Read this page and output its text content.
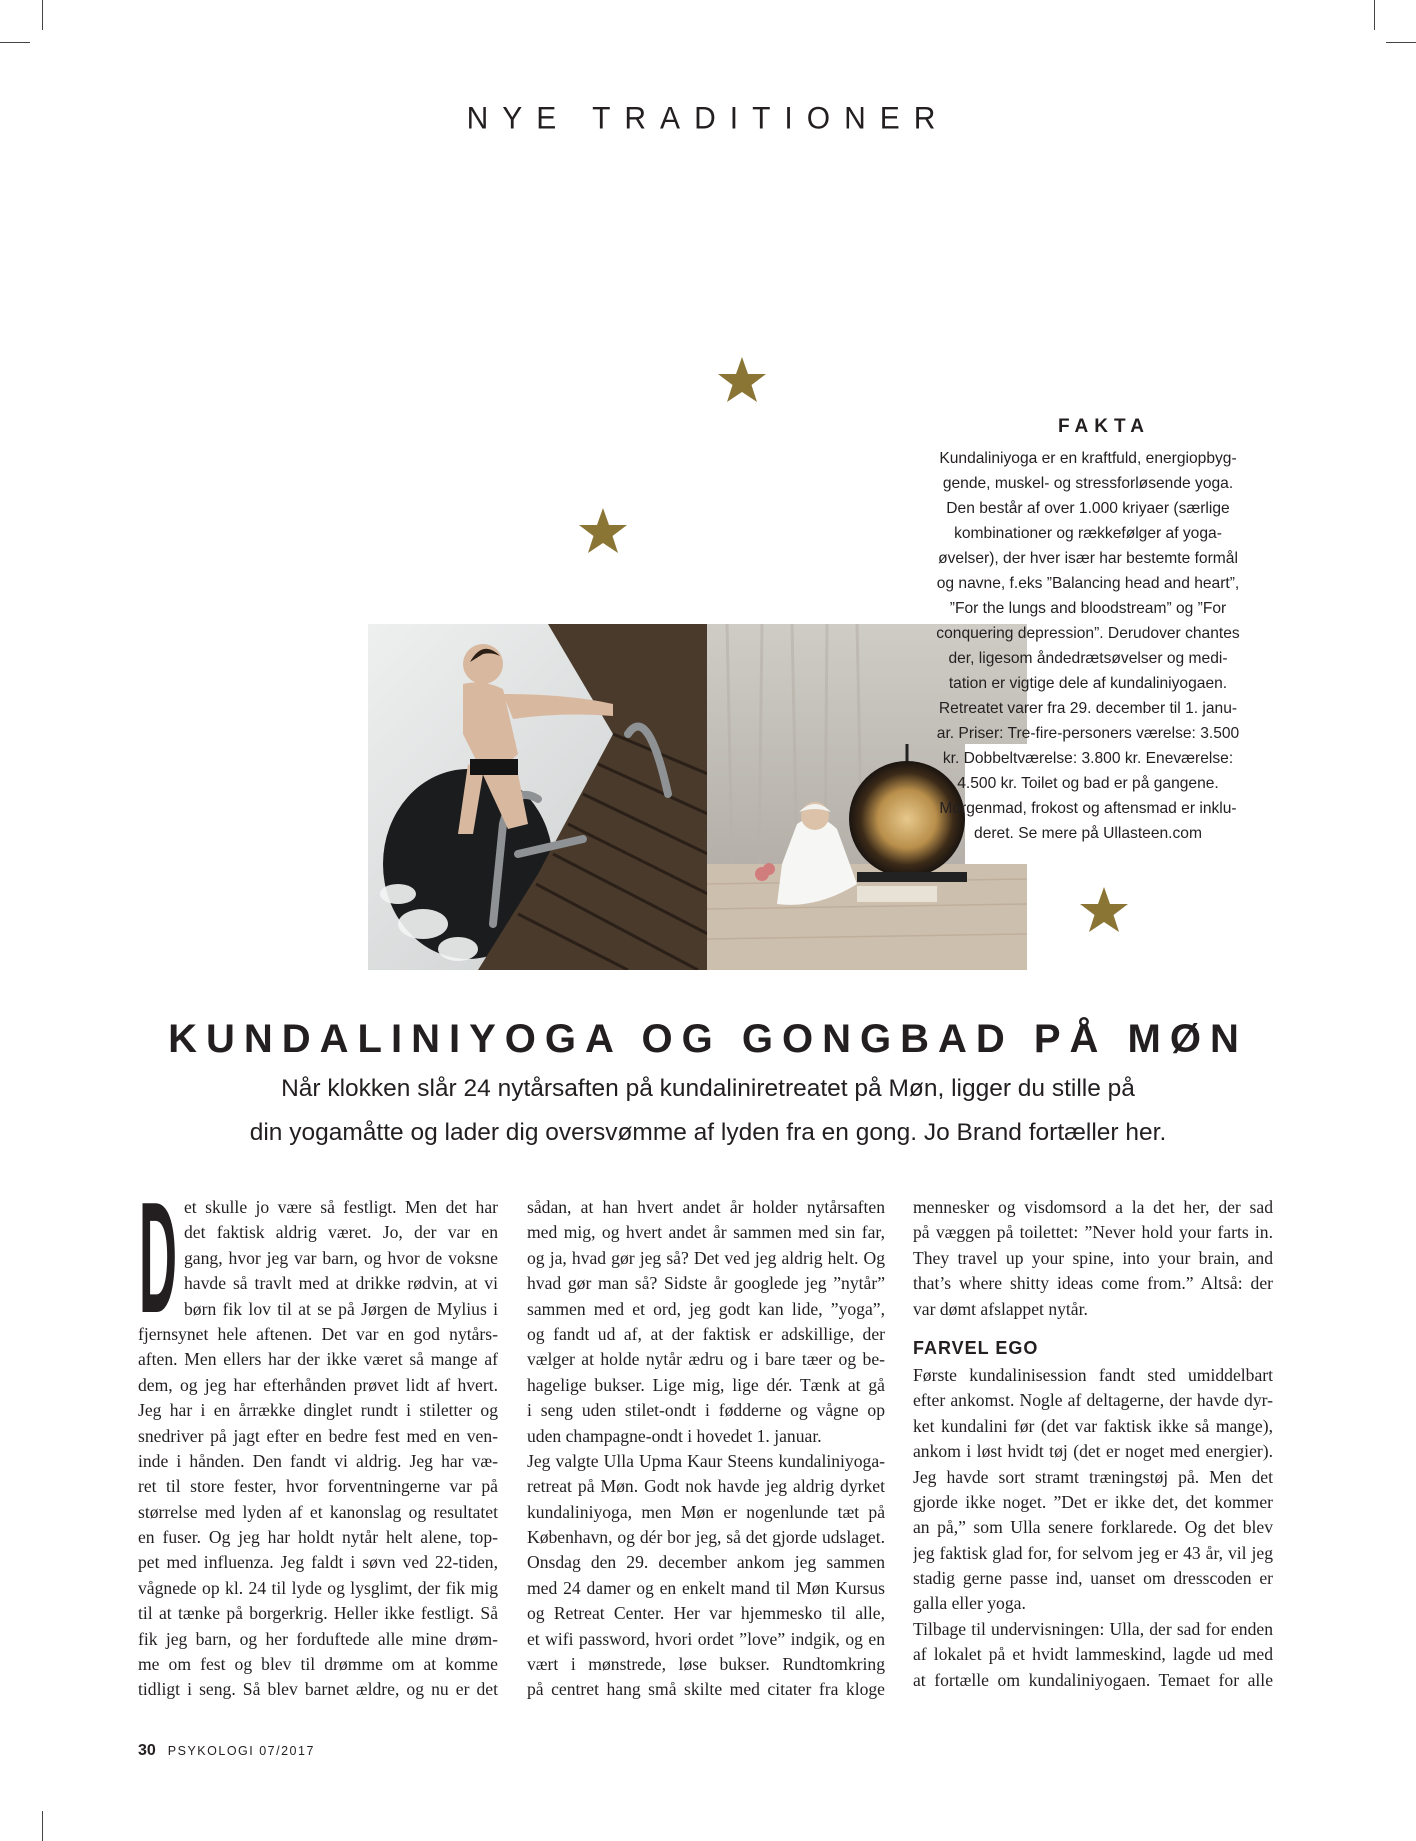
NYE TRADITIONER
FAKTA
Kundaliniyoga er en kraftfuld, energiopbyg-
gende, muskel- og stressforløsende yoga.
Den består af over 1.000 kriyaer (særlige
kombinationer og rækkefølger af yoga-
øvelser), der hver især har bestemte formål
og navne, f.eks ”Balancing head and heart”,
”For the lungs and bloodstream” og ”For
conquering depression”. Derudover chantes
der, ligesom åndedrætsøvelser og medi-
tation er vigtige dele af kundaliniyogaen.
Retreatet varer fra 29. december til 1. janu-
ar. Priser: Tre-fire-personers værelse: 3.500
kr. Dobbeltværelse: 3.800 kr. Eneværelse:
4.500 kr. Toilet og bad er på gangene.
Morgenmad, frokost og aftensmad er inklu-
deret. Se mere på Ullasteen.com
KUNDALINIYOGA OG GONGBAD PÅ MØN
Når klokken slår 24 nytårsaften på kundaliniretreatet på Møn, ligger du stille på
din yogamåtte og lader dig oversvømme af lyden fra en gong. Jo Brand fortæller her.
D et skulle jo være så festligt. Men det har
det faktisk aldrig været. Jo, der var en
gang, hvor jeg var barn, og hvor de voksne
havde så travlt med at drikke rødvin, at vi
børn fik lov til at se på Jørgen de Mylius i
fjernsynet hele aftenen. Det var en god nytårs-
aften. Men ellers har der ikke været så mange af
dem, og jeg har efterhånden prøvet lidt af hvert.
Jeg har i en årrække dinglet rundt i stiletter og
snedriver på jagt efter en bedre fest med en ven-
inde i hånden. Den fandt vi aldrig. Jeg har væ-
ret til store fester, hvor forventningerne var på
størrelse med lyden af et kanonslag og resultatet
en fuser. Og jeg har holdt nytår helt alene, top-
pet med influenza. Jeg faldt i søvn ved 22-tiden,
vågnede op kl. 24 til lyde og lysglimt, der fik mig
til at tænke på borgerkrig. Heller ikke festligt. Så
fik jeg barn, og her forduftede alle mine drøm-
me om fest og blev til drømme om at komme
tidligt i seng. Så blev barnet ældre, og nu er det
sådan, at han hvert andet år holder nytårsaften
med mig, og hvert andet år sammen med sin far,
og ja, hvad gør jeg så? Det ved jeg aldrig helt. Og
hvad gør man så? Sidste år googlede jeg ”nytår”
sammen med et ord, jeg godt kan lide, ”yoga”,
og fandt ud af, at der faktisk er adskillige, der
vælger at holde nytår ædru og i bare tæer og be-
hagelige bukser. Lige mig, lige dér. Tænk at gå
i seng uden stilet-ondt i fødderne og vågne op
uden champagne-ondt i hovedet 1. januar.
Jeg valgte Ulla Upma Kaur Steens kundaliniyoga-
retreat på Møn. Godt nok havde jeg aldrig dyrket
kundaliniyoga, men Møn er nogenlunde tæt på
København, og dér bor jeg, så det gjorde udslaget.
Onsdag den 29. december ankom jeg sammen
med 24 damer og en enkelt mand til Møn Kursus
og Retreat Center. Her var hjemmesko til alle,
et wifi password, hvori ordet ”love” indgik, og en
vært i mønstrede, løse bukser. Rundtomkring
på centret hang små skilte med citater fra kloge
mennesker og visdomsord a la det her, der sad
på væggen på toilettet: ”Never hold your farts in.
They travel up your spine, into your brain, and
that’s where shitty ideas come from.” Altså: der
var dømt afslappet nytår.
FARVEL EGO
Første kundalinisession fandt sted umiddelbart
efter ankomst. Nogle af deltagerne, der havde dyr-
ket kundalini før (det var faktisk ikke så mange),
ankom i løst hvidt tøj (det er noget med energier).
Jeg havde sort stramt træningstøj på. Men det
gjorde ikke noget. ”Det er ikke det, det kommer
an på,” som Ulla senere forklarede. Og det blev
jeg faktisk glad for, for selvom jeg er 43 år, vil jeg
stadig gerne passe ind, uanset om dresscoden er
galla eller yoga.
Tilbage til undervisningen: Ulla, der sad for enden
af lokalet på et hvidt lammeskind, lagde ud med
at fortælle om kundaliniyogaen. Temaet for alle
30 PSYKOLOGI 07/2017
